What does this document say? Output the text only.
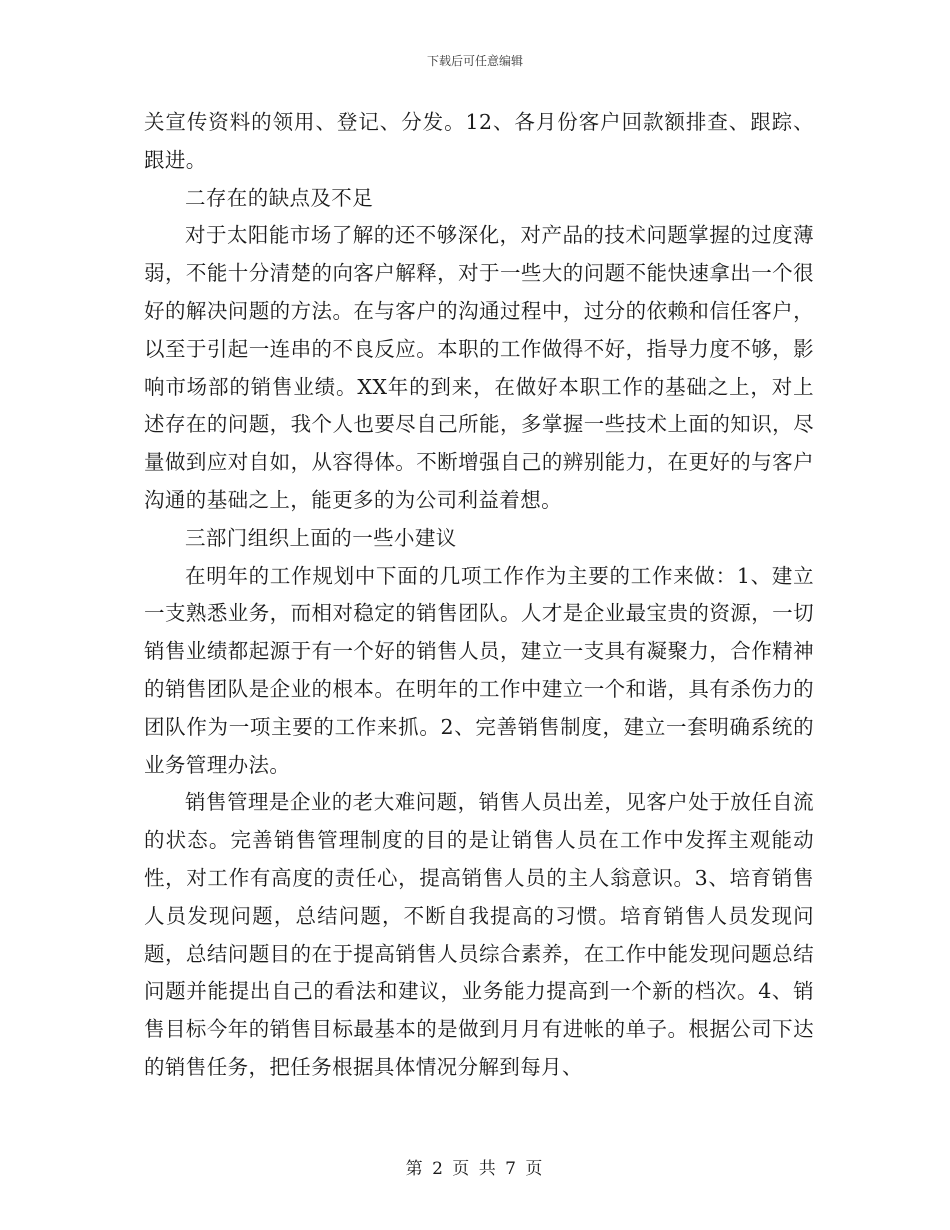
下载后可任意编辑

关宣传资料的领用、登记、分发。12、各月份客户回款额排查、跟踪、跟进。

二存在的缺点及不足

对于太阳能市场了解的还不够深化，对产品的技术问题掌握的过度薄弱，不能十分清楚的向客户解释，对于一些大的问题不能快速拿出一个很好的解决问题的方法。在与客户的沟通过程中，过分的依赖和信任客户，以至于引起一连串的不良反应。本职的工作做得不好，指导力度不够，影响市场部的销售业绩。XX年的到来，在做好本职工作的基础之上，对上述存在的问题，我个人也要尽自己所能，多掌握一些技术上面的知识，尽量做到应对自如，从容得体。不断增强自己的辨别能力，在更好的与客户沟通的基础之上，能更多的为公司利益着想。

三部门组织上面的一些小建议

在明年的工作规划中下面的几项工作作为主要的工作来做：1、建立一支熟悉业务，而相对稳定的销售团队。人才是企业最宝贵的资源，一切销售业绩都起源于有一个好的销售人员，建立一支具有凝聚力，合作精神的销售团队是企业的根本。在明年的工作中建立一个和谐，具有杀伤力的团队作为一项主要的工作来抓。2、完善销售制度，建立一套明确系统的业务管理办法。

销售管理是企业的老大难问题，销售人员出差，见客户处于放任自流的状态。完善销售管理制度的目的是让销售人员在工作中发挥主观能动性，对工作有高度的责任心，提高销售人员的主人翁意识。3、培育销售人员发现问题，总结问题，不断自我提高的习惯。培育销售人员发现问题，总结问题目的在于提高销售人员综合素养，在工作中能发现问题总结问题并能提出自己的看法和建议，业务能力提高到一个新的档次。4、销售目标今年的销售目标最基本的是做到月月有进帐的单子。根据公司下达的销售任务，把任务根据具体情况分解到每月、

第 2 页 共 7 页
